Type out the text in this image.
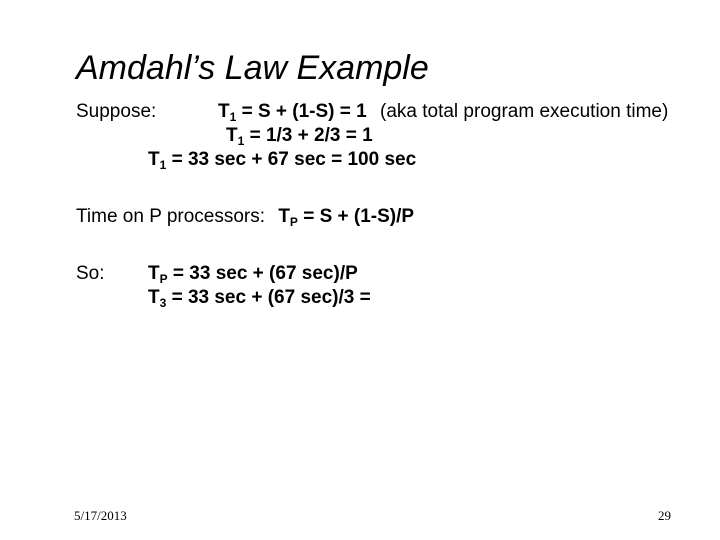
Amdahl’s Law Example
Suppose:	$T_1 = S + (1-S) = 1$ (aka total program execution time)
$T_1 = 1/3 + 2/3 = 1$
$T_1 = 33$ sec + 67 sec = 100 sec
Time on P processors: $T_P = S + (1-S)/P$
So: $T_P = 33$ sec + (67 sec)/P
$T_3 = 33$ sec + (67 sec)/3 =
5/17/2013	29
